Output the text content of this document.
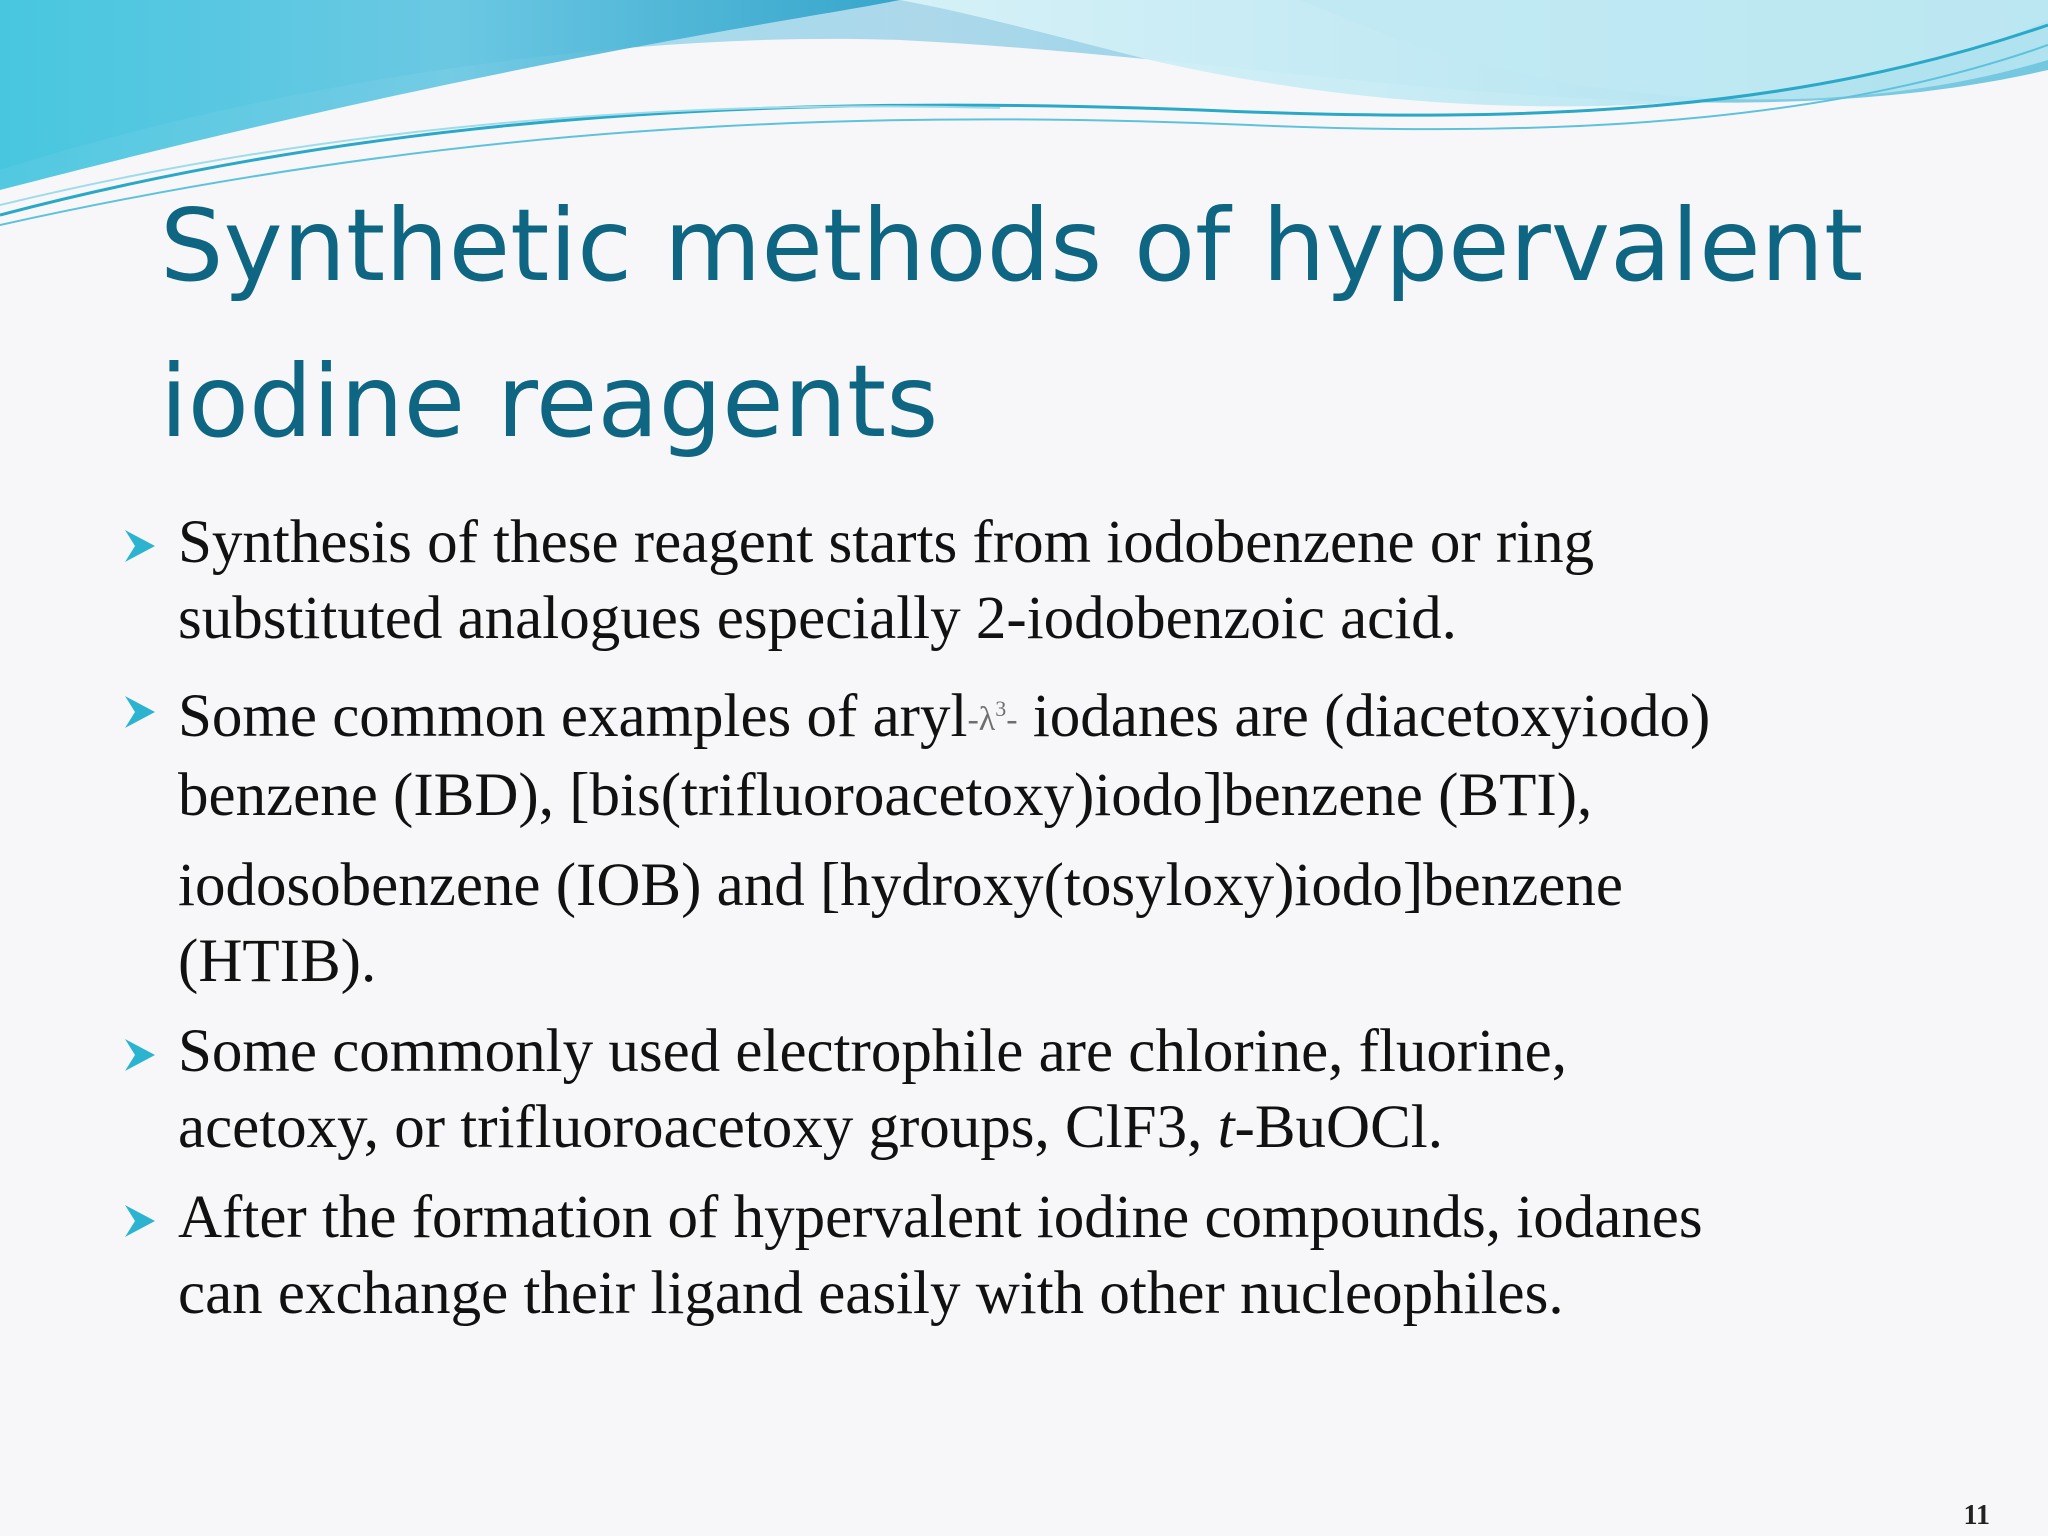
Synthetic methods of hypervalent
iodine reagents
Synthesis of these reagent starts from iodobenzene or ring
substituted analogues especially 2-iodobenzoic acid.
Some common examples of aryl-$\lambda^3-$ iodanes are (diacetoxyiodo)
benzene (IBD), [bis(trifluoroacetoxy)iodo]benzene (BTI),
iodosobenzene (IOB) and [hydroxy(tosyloxy)iodo]benzene
(HTIB).
Some commonly used electrophile are chlorine, fluorine,
acetoxy, or trifluoroacetoxy groups, ClF3, t-BuOCl.
After the formation of hypervalent iodine compounds, iodanes
can exchange their ligand easily with other nucleophiles.
11
